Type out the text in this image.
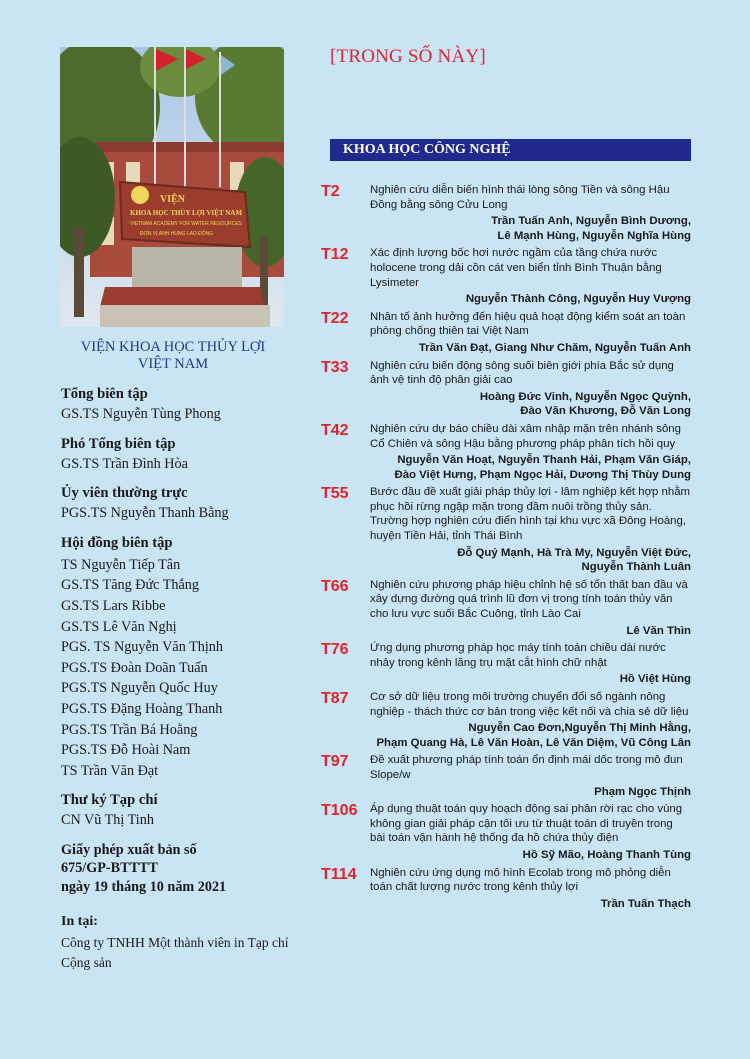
VIỆN
KHOA HỌC THỦY LỢI VIỆT NAM
VIETNAM ACADEMY FOR WATER RESOURCES
ĐƠN VỊ ANH HÙNG LAO ĐỘNG
VIỆN KHOA HỌC THỦY LỢI
VIỆT NAM
Tổng biên tập
GS.TS Nguyễn Tùng Phong
Phó Tổng biên tập
GS.TS Trần Đình Hòa
Ủy viên thường trực
PGS.TS Nguyễn Thanh Bằng
Hội đồng biên tập
TS Nguyễn Tiếp Tân
GS.TS Tăng Đức Thắng
GS.TS Lars Ribbe
GS.TS Lê Văn Nghị
PGS. TS Nguyễn Văn Thịnh
PGS.TS Đoàn Doãn Tuấn
PGS.TS Nguyễn Quốc Huy
PGS.TS Đặng Hoàng Thanh
PGS.TS Trần Bá Hoằng
PGS.TS Đỗ Hoài Nam
TS Trần Văn Đạt
Thư ký Tạp chí
CN Vũ Thị Tinh
Giấy phép xuất bản số
675/GP-BTTTT
ngày 19 tháng 10 năm 2021
In tại:
Công ty TNHH Một thành viên in Tạp chí Cộng sản
[TRONG SỐ NÀY]
KHOA HỌC CÔNG NGHỆ
T2	Nghiên cứu diễn biến hình thái lòng sông Tiền và sông Hậu Đồng bằng sông Cửu Long
Trần Tuấn Anh, Nguyễn Bình Dương,
Lê Mạnh Hùng, Nguyễn Nghĩa Hùng
T12	Xác định lượng bốc hơi nước ngầm của tầng chứa nước holocene trong dải cồn cát ven biển tỉnh Bình Thuận bằng Lysimeter
Nguyễn Thành Công, Nguyễn Huy Vượng
T22	Nhân tố ảnh hưởng đến hiệu quả hoạt động kiểm soát an toàn phòng chống thiên tai Việt Nam
Trần Văn Đạt, Giang Như Chăm, Nguyễn Tuấn Anh
T33	Nghiên cứu biến động sông suối biên giới phía Bắc sử dụng ảnh vệ tinh độ phân giải cao
Hoàng Đức Vinh, Nguyễn Ngọc Quỳnh,
Đào Văn Khương, Đỗ Văn Long
T42	Nghiên cứu dự báo chiều dài xâm nhập mặn trên nhánh sông Cổ Chiên và sông Hậu bằng phương pháp phân tích hồi quy
Nguyễn Văn Hoạt, Nguyễn Thanh Hải, Phạm Văn Giáp,
Đào Việt Hưng, Phạm Ngọc Hải, Dương Thị Thùy Dung
T55	Bước đầu đề xuất giải pháp thủy lợi - lâm nghiệp kết hợp nhằm phục hồi rừng ngập mặn trong đầm nuôi trồng thủy sản. Trường hợp nghiên cứu điển hình tại khu vực xã Đông Hoàng, huyện Tiền Hải, tỉnh Thái Bình
Đỗ Quý Mạnh, Hà Trà My, Nguyễn Việt Đức,
Nguyễn Thành Luân
T66	Nghiên cứu phương pháp hiệu chỉnh hệ số tổn thất ban đầu và xây dựng đường quá trình lũ đơn vị trong tính toán thủy văn cho lưu vực suối Bắc Cuông, tỉnh Lào Cai
Lê Văn Thìn
T76	Ứng dụng phương pháp học máy tính toán chiều dài nước nhảy trong kênh lăng trụ mặt cắt hình chữ nhật
Hồ Việt Hùng
T87	Cơ sở dữ liệu trong môi trường chuyển đổi số ngành nông nghiệp - thách thức cơ bản trong việc kết nối và chia sẻ dữ liệu
Nguyễn Cao Đơn,Nguyễn Thị Minh Hằng,
Phạm Quang Hà, Lê Văn Hoàn, Lê Văn Diệm, Vũ Công Lân
T97	Đề xuất phương pháp tính toán ổn định mái dốc trong mô đun Slope/w
Phạm Ngọc Thịnh
T106	Áp dụng thuật toán quy hoạch động sai phân rời rạc cho vùng không gian giải pháp cận tối ưu từ thuật toán di truyền trong bài toán vận hành hệ thống đa hồ chứa thủy điện
Hồ Sỹ Mão, Hoàng Thanh Tùng
T114	Nghiên cứu ứng dụng mô hình Ecolab trong mô phỏng diễn toán chất lượng nước trong kênh thủy lợi
Trần Tuấn Thạch
